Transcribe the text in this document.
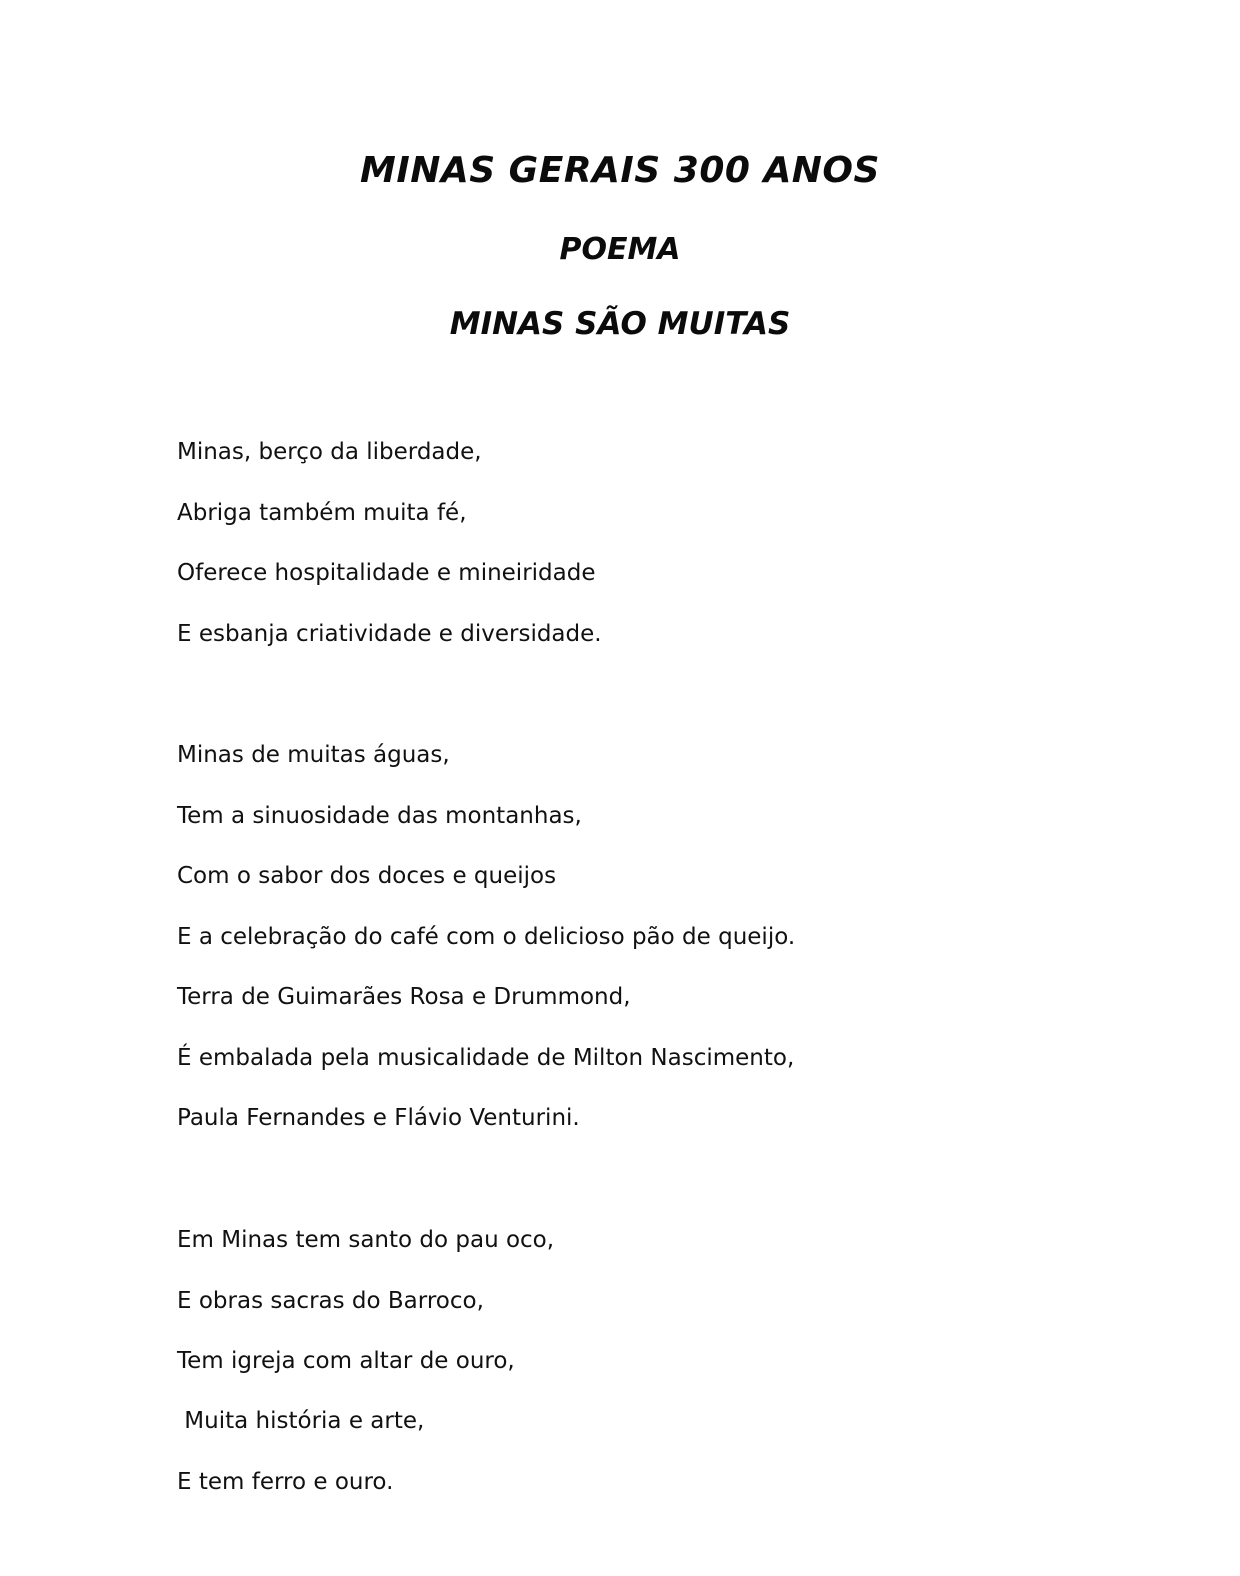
MINAS GERAIS 300 ANOS
POEMA
MINAS SÃO MUITAS
Minas, berço da liberdade,
Abriga também muita fé,
Oferece hospitalidade e mineiridade
E esbanja criatividade e diversidade.
Minas de muitas águas,
Tem a sinuosidade das montanhas,
Com o sabor dos doces e queijos
E a celebração do café com o delicioso pão de queijo.
Terra de Guimarães Rosa e Drummond,
É embalada pela musicalidade de Milton Nascimento,
Paula Fernandes e Flávio Venturini.
Em Minas tem santo do pau oco,
E obras sacras do Barroco,
Tem igreja com altar de ouro,
Muita história e arte,
E tem ferro e ouro.
